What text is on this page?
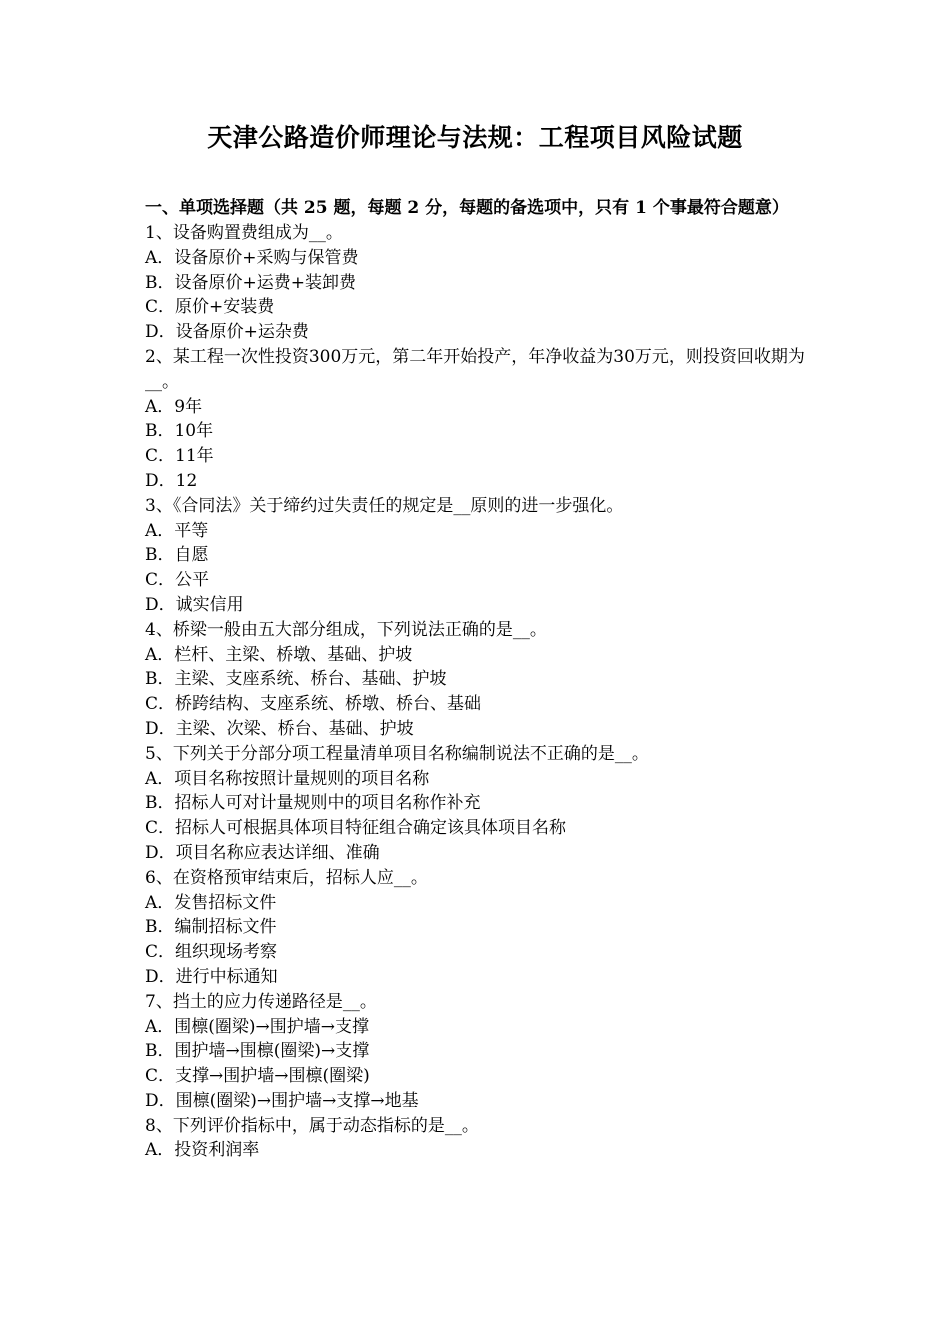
天津公路造价师理论与法规：工程项目风险试题

一、单项选择题（共 25 题，每题 2 分，每题的备选项中，只有 1 个事最符合题意）

1、设备购置费组成为__。

A．设备原价+采购与保管费

B．设备原价+运费+装卸费

C．原价+安装费

D．设备原价+运杂费

2、某工程一次性投资300万元，第二年开始投产，年净收益为30万元，则投资回收期为__。

A．9年

B．10年

C．11年

D．12

3、《合同法》关于缔约过失责任的规定是__原则的进一步强化。

A．平等

B．自愿

C．公平

D．诚实信用

4、桥梁一般由五大部分组成，下列说法正确的是__。

A．栏杆、主梁、桥墩、基础、护坡

B．主梁、支座系统、桥台、基础、护坡

C．桥跨结构、支座系统、桥墩、桥台、基础

D．主梁、次梁、桥台、基础、护坡

5、下列关于分部分项工程量清单项目名称编制说法不正确的是__。

A．项目名称按照计量规则的项目名称

B．招标人可对计量规则中的项目名称作补充

C．招标人可根据具体项目特征组合确定该具体项目名称

D．项目名称应表达详细、准确

6、在资格预审结束后，招标人应__。

A．发售招标文件

B．编制招标文件

C．组织现场考察

D．进行中标通知

7、挡土的应力传递路径是__。

A．围檩(圈梁)→围护墙→支撑

B．围护墙→围檩(圈梁)→支撑

C．支撑→围护墙→围檩(圈梁)

D．围檩(圈梁)→围护墙→支撑→地基

8、下列评价指标中，属于动态指标的是__。

A．投资利润率
